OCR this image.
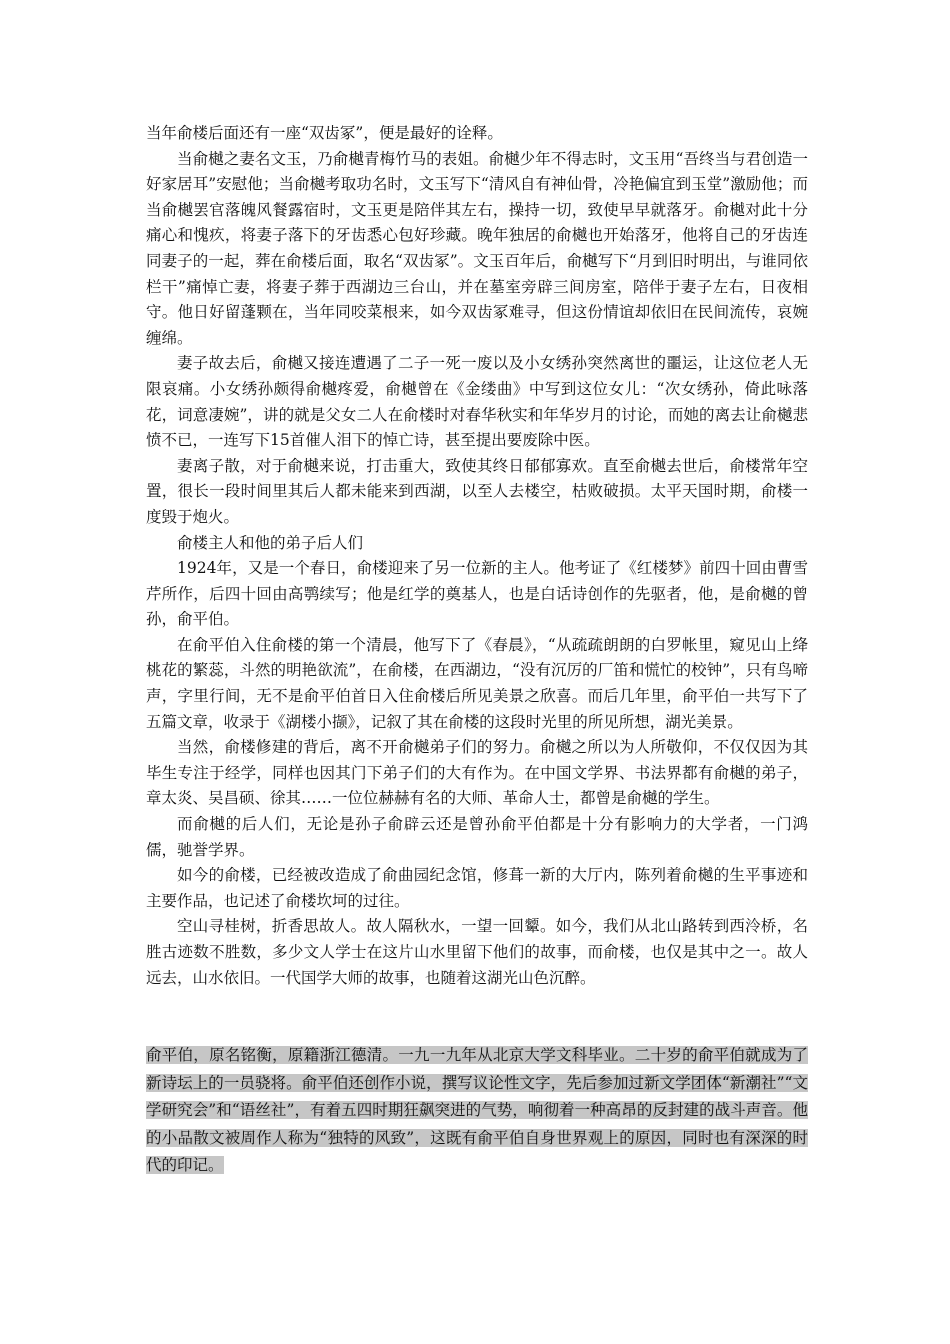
当年俞楼后面还有一座“双齿冢”，便是最好的诠释。

当俞樾之妻名文玉，乃俞樾青梅竹马的表姐。俞樾少年不得志时，文玉用“吾终当与君创造一好家居耳”安慰他；当俞樾考取功名时，文玉写下“清风自有神仙骨，冷艳偏宜到玉堂”激励他；而当俞樾罢官落魄风餐露宿时，文玉更是陪伴其左右，操持一切，致使早早就落牙。俞樾对此十分痛心和愧疚，将妻子落下的牙齿悉心包好珍藏。晚年独居的俞樾也开始落牙，他将自己的牙齿连同妻子的一起，葬在俞楼后面，取名“双齿冢”。文玉百年后，俞樾写下“月到旧时明出，与谁同依栏干”痛悼亡妻，将妻子葬于西湖边三台山，并在墓室旁辟三间房室，陪伴于妻子左右，日夜相守。他日好留蓬颗在，当年同咬菜根来，如今双齿冢难寻，但这份情谊却依旧在民间流传，哀婉缠绵。

妻子故去后，俞樾又接连遭遇了二子一死一废以及小女绣孙突然离世的噩运，让这位老人无限哀痛。小女绣孙颇得俞樾疼爱，俞樾曾在《金缕曲》中写到这位女儿：“次女绣孙，倚此咏落花，词意凄婉”，讲的就是父女二人在俞楼时对春华秋实和年华岁月的讨论，而她的离去让俞樾悲愤不已，一连写下15首催人泪下的悼亡诗，甚至提出要废除中医。

妻离子散，对于俞樾来说，打击重大，致使其终日郁郁寡欢。直至俞樾去世后，俞楼常年空置，很长一段时间里其后人都未能来到西湖，以至人去楼空，枯败破损。太平天国时期，俞楼一度毁于炮火。

俞楼主人和他的弟子后人们

1924年，又是一个春日，俞楼迎来了另一位新的主人。他考证了《红楼梦》前四十回由曹雪芹所作，后四十回由高鹗续写；他是红学的奠基人，也是白话诗创作的先驱者，他，是俞樾的曾孙，俞平伯。

在俞平伯入住俞楼的第一个清晨，他写下了《春晨》，“从疏疏朗朗的白罗帐里，窥见山上绛桃花的繁蕊，斗然的明艳欲流”，在俞楼，在西湖边，“没有沉厉的厂笛和慌忙的校钟”，只有鸟啼声，字里行间，无不是俞平伯首日入住俞楼后所见美景之欣喜。而后几年里，俞平伯一共写下了五篇文章，收录于《湖楼小撷》，记叙了其在俞楼的这段时光里的所见所想，湖光美景。

当然，俞楼修建的背后，离不开俞樾弟子们的努力。俞樾之所以为人所敬仰，不仅仅因为其毕生专注于经学，同样也因其门下弟子们的大有作为。在中国文学界、书法界都有俞樾的弟子，章太炎、吴昌硕、徐其……一位位赫赫有名的大师、革命人士，都曾是俞樾的学生。

而俞樾的后人们，无论是孙子俞辟云还是曾孙俞平伯都是十分有影响力的大学者，一门鸿儒，驰誉学界。

如今的俞楼，已经被改造成了俞曲园纪念馆，修葺一新的大厅内，陈列着俞樾的生平事迹和主要作品，也记述了俞楼坎坷的过往。

空山寻桂树，折香思故人。故人隔秋水，一望一回颦。如今，我们从北山路转到西泠桥，名胜古迹数不胜数，多少文人学士在这片山水里留下他们的故事，而俞楼，也仅是其中之一。故人远去，山水依旧。一代国学大师的故事，也随着这湖光山色沉醉。

俞平伯，原名铭衡，原籍浙江德清。一九一九年从北京大学文科毕业。二十岁的俞平伯就成为了新诗坛上的一员骁将。俞平伯还创作小说，撰写议论性文字，先后参加过新文学团体“新潮社”“文学研究会”和“语丝社”，有着五四时期狂飙突进的气势，响彻着一种高昂的反封建的战斗声音。他的小品散文被周作人称为“独特的风致”，这既有俞平伯自身世界观上的原因，同时也有深深的时代的印记。
